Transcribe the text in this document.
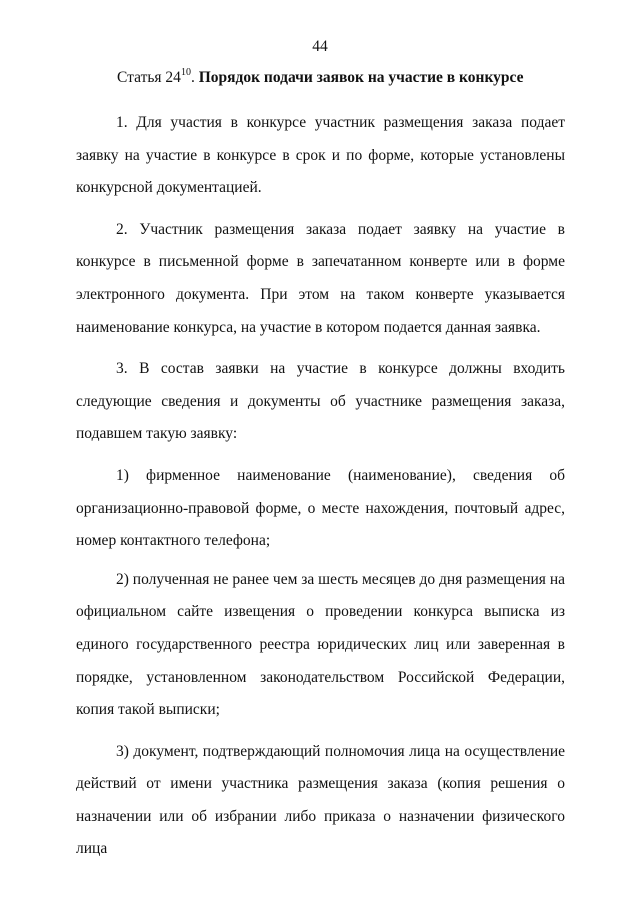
44
Статья $24^{10}$. Порядок подачи заявок на участие в конкурсе

1. Для участия в конкурсе участник размещения заказа подает заявку на участие в конкурсе в срок и по форме, которые установлены конкурсной документацией.

2. Участник размещения заказа подает заявку на участие в конкурсе в письменной форме в запечатанном конверте или в форме электронного документа. При этом на таком конверте указывается наименование конкурса, на участие в котором подается данная заявка.

3. В состав заявки на участие в конкурсе должны входить следующие сведения и документы об участнике размещения заказа, подавшем такую заявку:

1) фирменное наименование (наименование), сведения об организационно-правовой форме, о месте нахождения, почтовый адрес, номер контактного телефона;

2) полученная не ранее чем за шесть месяцев до дня размещения на официальном сайте извещения о проведении конкурса выписка из единого государственного реестра юридических лиц или заверенная в порядке, установленном законодательством Российской Федерации, копия такой выписки;

3) документ, подтверждающий полномочия лица на осуществление действий от имени участника размещения заказа (копия решения о назначении или об избрании либо приказа о назначении физического лица
